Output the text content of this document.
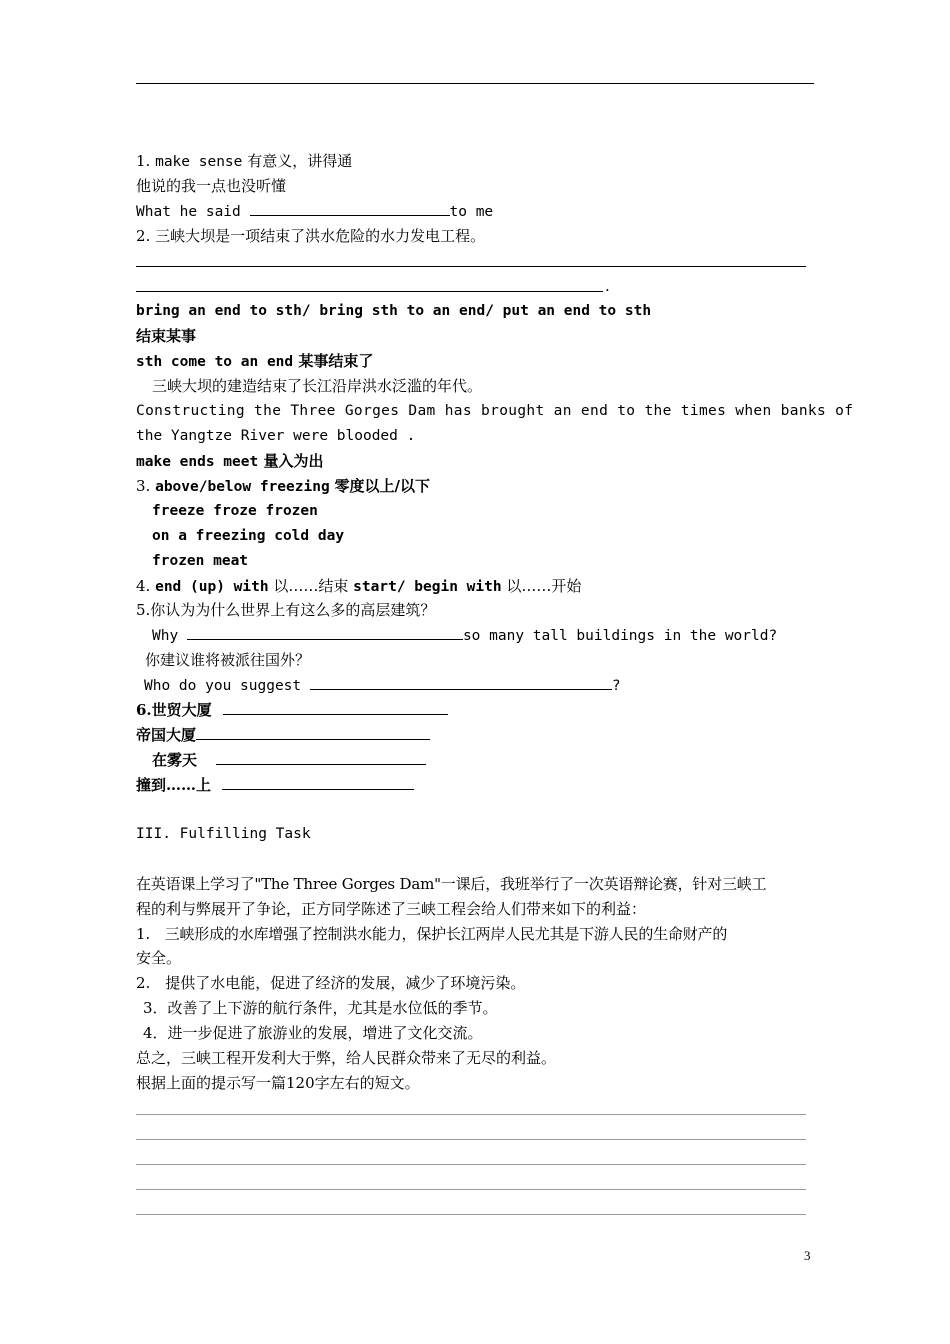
1. make sense 有意义，讲得通
他说的我一点也没听懂
What he said	to me
2. 三峡大坝是一项结束了洪水危险的水力发电工程。
.
bring an end to sth/ bring sth to an end/ put an end to sth
结束某事
sth come to an end 某事结束了
三峡大坝的建造结束了长江沿岸洪水泛滥的年代。
Constructing the Three Gorges Dam has brought an end to the times when banks of
the Yangtze River were blooded .
make ends meet 量入为出
3. above/below freezing 零度以上/以下
freeze froze frozen
on a freezing cold day
frozen meat
4. end (up) with 以……结束 start/ begin with 以……开始
5.你认为为什么世界上有这么多的高层建筑？
Why	so many tall buildings in the world?
你建议谁将被派往国外？
Who do you suggest	?
6.世贸大厦
帝国大厦
在雾天
撞到……上
III. Fulfilling Task
在英语课上学习了"The Three Gorges Dam"一课后，我班举行了一次英语辩论赛，针对三峡工
程的利与弊展开了争论，正方同学陈述了三峡工程会给人们带来如下的利益：
1.　三峡形成的水库增强了控制洪水能力，保护长江两岸人民尤其是下游人民的生命财产的
安全。
2.　提供了水电能，促进了经济的发展，减少了环境污染。
3．改善了上下游的航行条件，尤其是水位低的季节。
4．进一步促进了旅游业的发展，增进了文化交流。
总之，三峡工程开发利大于弊，给人民群众带来了无尽的利益。
根据上面的提示写一篇120字左右的短文。
3
